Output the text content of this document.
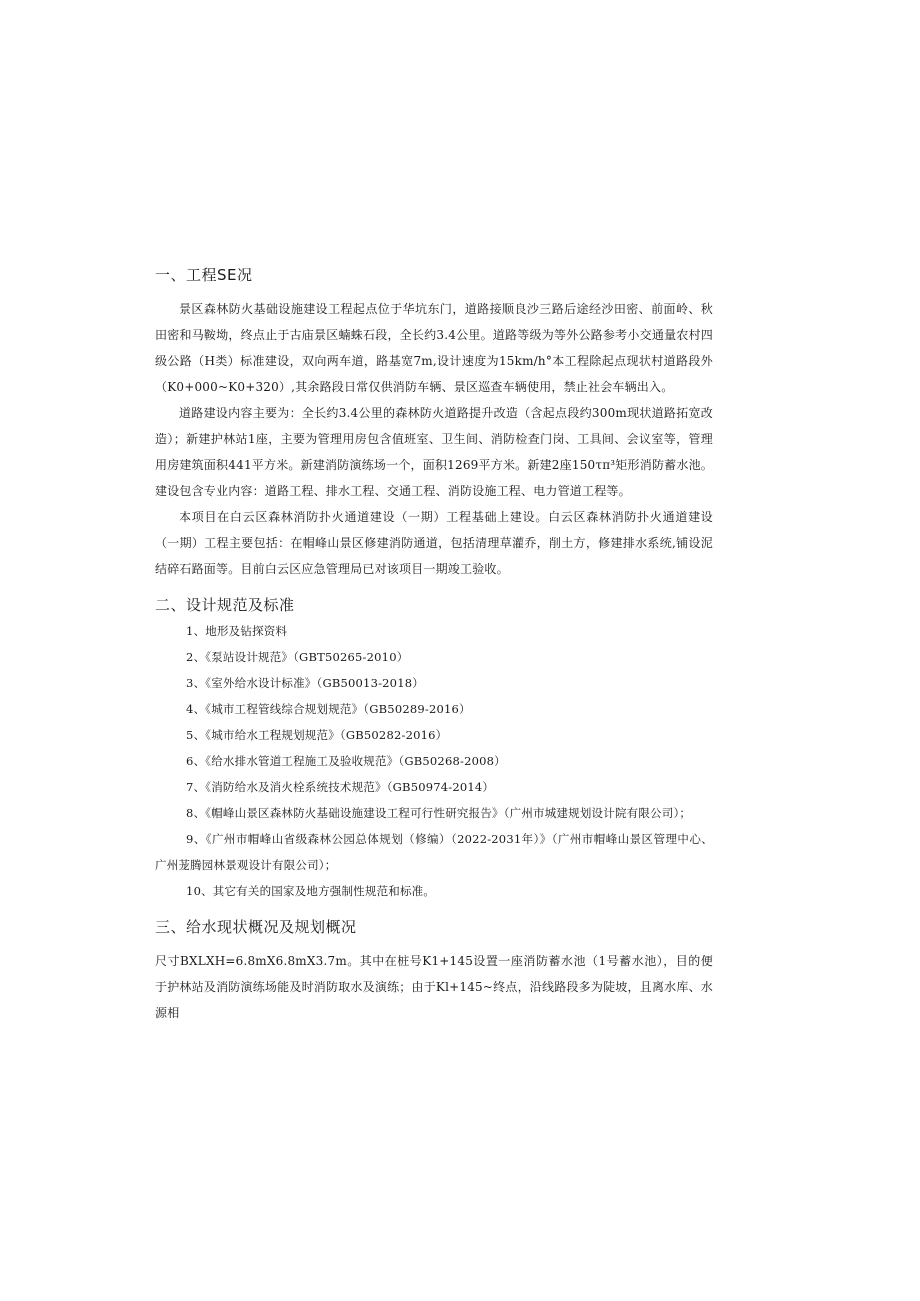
一、工程SE况

景区森林防火基础设施建设工程起点位于华坑东门，道路接顺良沙三路后途经沙田密、前面岭、秋田密和马鞍坳，终点止于古庙景区蝻蛛石段，全长约3.4公里。道路等级为等外公路参考小交通量农村四级公路（H类）标准建设，双向两车道，路基宽7m,设计速度为15km/h°本工程除起点现状村道路段外（K0+000~K0+320）,其余路段日常仅供消防车辆、景区巡查车辆使用，禁止社会车辆出入。

道路建设内容主要为：全长约3.4公里的森林防火道路提升改造（含起点段约300m现状道路拓宽改造）；新建护林站1座，主要为管理用房包含值班室、卫生间、消防检查门岗、工具间、会议室等，管理用房建筑面积441平方米。新建消防演练场一个，面积1269平方米。新建2座150τπ³矩形消防蓄水池。建设包含专业内容：道路工程、排水工程、交通工程、消防设施工程、电力管道工程等。

本项目在白云区森林消防扑火通道建设（一期）工程基础上建设。白云区森林消防扑火通道建设（一期）工程主要包括：在帽峰山景区修建消防通道，包括清理草灌乔，削土方，修建排水系统,铺设泥结碎石路面等。目前白云区应急管理局已对该项目一期竣工验收。

二、设计规范及标准
1、地形及钻探资料
2、《泵站设计规范》（GBT50265-2010）
3、《室外给水设计标准》（GB50013-2018）
4、《城市工程管线综合规划规范》（GB50289-2016）
5、《城市给水工程规划规范》（GB50282-2016）
6、《给水排水管道工程施工及验收规范》（GB50268-2008）
7、《消防给水及消火栓系统技术规范》（GB50974-2014）
8、《帽峰山景区森林防火基础设施建设工程可行性研究报告》（广州市城建规划设计院有限公司）；
9、《广州市帽峰山省级森林公园总体规划（修编）（2022-2031年）》（广州市帽峰山景区管理中心、广州茏腾园林景观设计有限公司）；
10、其它有关的国家及地方强制性规范和标准。
三、给水现状概况及规划概况

尺寸BXLXH=6.8mX6.8mX3.7m。其中在桩号K1+145设置一座消防蓄水池（1号蓄水池），目的便于护林站及消防演练场能及时消防取水及演练；由于Kl+145~终点，沿线路段多为陡坡，且离水库、水源相
